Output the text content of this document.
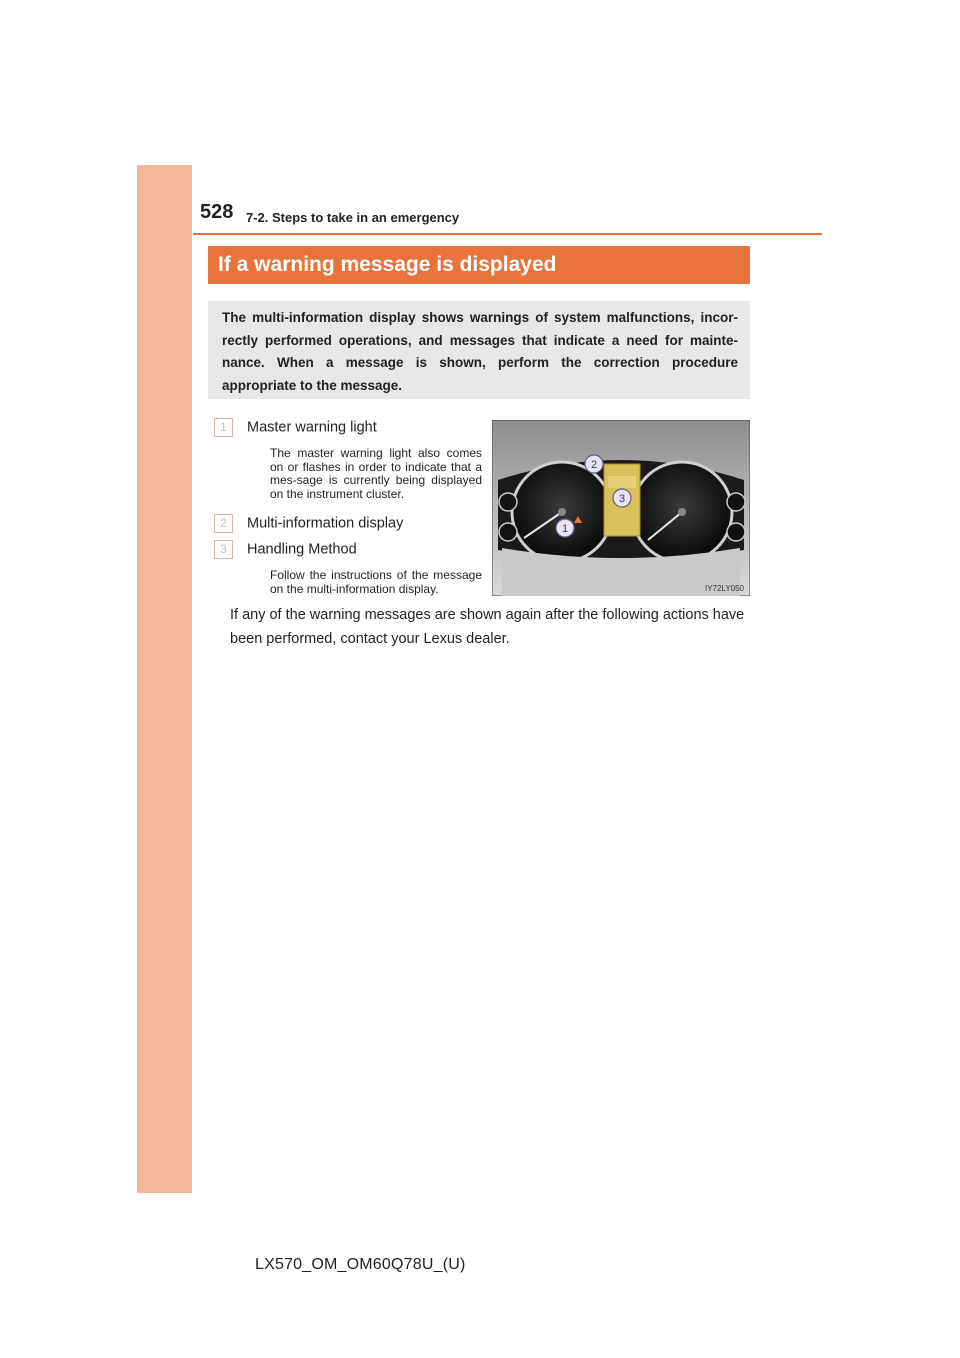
528 7-2. Steps to take in an emergency
If a warning message is displayed
The multi-information display shows warnings of system malfunctions, incor-rectly performed operations, and messages that indicate a need for mainte-nance. When a message is shown, perform the correction procedure appropriate to the message.
1 Master warning light
The master warning light also comes on or flashes in order to indicate that a mes-sage is currently being displayed on the instrument cluster.
2 Multi-information display
3 Handling Method
Follow the instructions of the message on the multi-information display.
If any of the warning messages are shown again after the following actions have been performed, contact your Lexus dealer.
1
2
3
IY72LY050
LX570_OM_OM60Q78U_(U)
